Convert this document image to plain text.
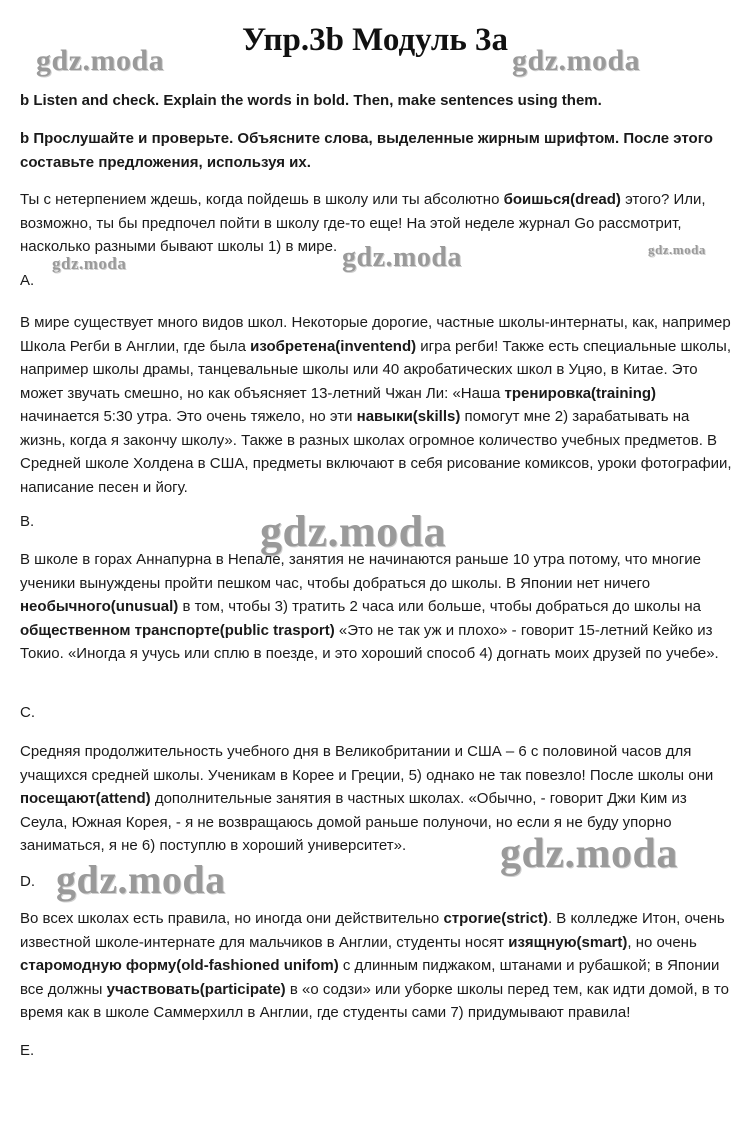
Упр.3b Модуль 3а
gdz.moda	gdz.moda
gdz.moda	gdz.moda	gdz.moda
gdz.moda
gdz.moda
gdz.moda

b Listen and check. Explain the words in bold. Then, make sentences using them.

b Прослушайте и проверьте. Объясните слова, выделенные жирным шрифтом. После этого составьте предложения, используя их.

Ты с нетерпением ждешь, когда пойдешь в школу или ты абсолютно боишься(dread) этого? Или, возможно, ты бы предпочел пойти в школу где-то еще! На этой неделе журнал Go рассмотрит, насколько разными бывают школы 1) в мире.

A.

В мире существует много видов школ. Некоторые дорогие, частные школы-интернаты, как, например Школа Регби в Англии, где была изобретена(inventend) игра регби! Также есть специальные школы, например школы драмы, танцевальные школы или 40 акробатических школ в Уцяо, в Китае. Это может звучать смешно, но как объясняет 13-летний Чжан Ли: «Наша тренировка(training) начинается 5:30 утра. Это очень тяжело, но эти навыки(skills) помогут мне 2) зарабатывать на жизнь, когда я закончу школу». Также в разных школах огромное количество учебных предметов. В Средней школе Холдена в США, предметы включают в себя рисование комиксов, уроки фотографии, написание песен и йогу.

B.

В школе в горах Аннапурна в Непале, занятия не начинаются раньше 10 утра потому, что многие ученики вынуждены пройти пешком час, чтобы добраться до школы. В Японии нет ничего необычного(unusual) в том, чтобы 3) тратить 2 часа или больше, чтобы добраться до школы на общественном транспорте(public trasport) «Это не так уж и плохо» - говорит 15-летний Кейко из Токио. «Иногда я учусь или сплю в поезде, и это хороший способ 4) догнать моих друзей по учебе».

C.

Средняя продолжительность учебного дня в Великобритании и США – 6 с половиной часов для учащихся средней школы. Ученикам в Корее и Греции, 5) однако не так повезло! После школы они посещают(attend) дополнительные занятия в частных школах. «Обычно, - говорит Джи Ким из Сеула, Южная Корея, - я не возвращаюсь домой раньше полуночи, но если я не буду упорно заниматься, я не 6) поступлю в хороший университет».

D.

Во всех школах есть правила, но иногда они действительно строгие(strict). В колледже Итон, очень известной школе-интернате для мальчиков в Англии, студенты носят изящную(smart), но очень старомодную форму(old-fashioned unifom) с длинным пиджаком, штанами и рубашкой; в Японии все должны участвовать(participate) в «о содзи» или уборке школы перед тем, как идти домой, в то время как в школе Саммерхилл в Англии, где студенты сами 7) придумывают правила!

E.
